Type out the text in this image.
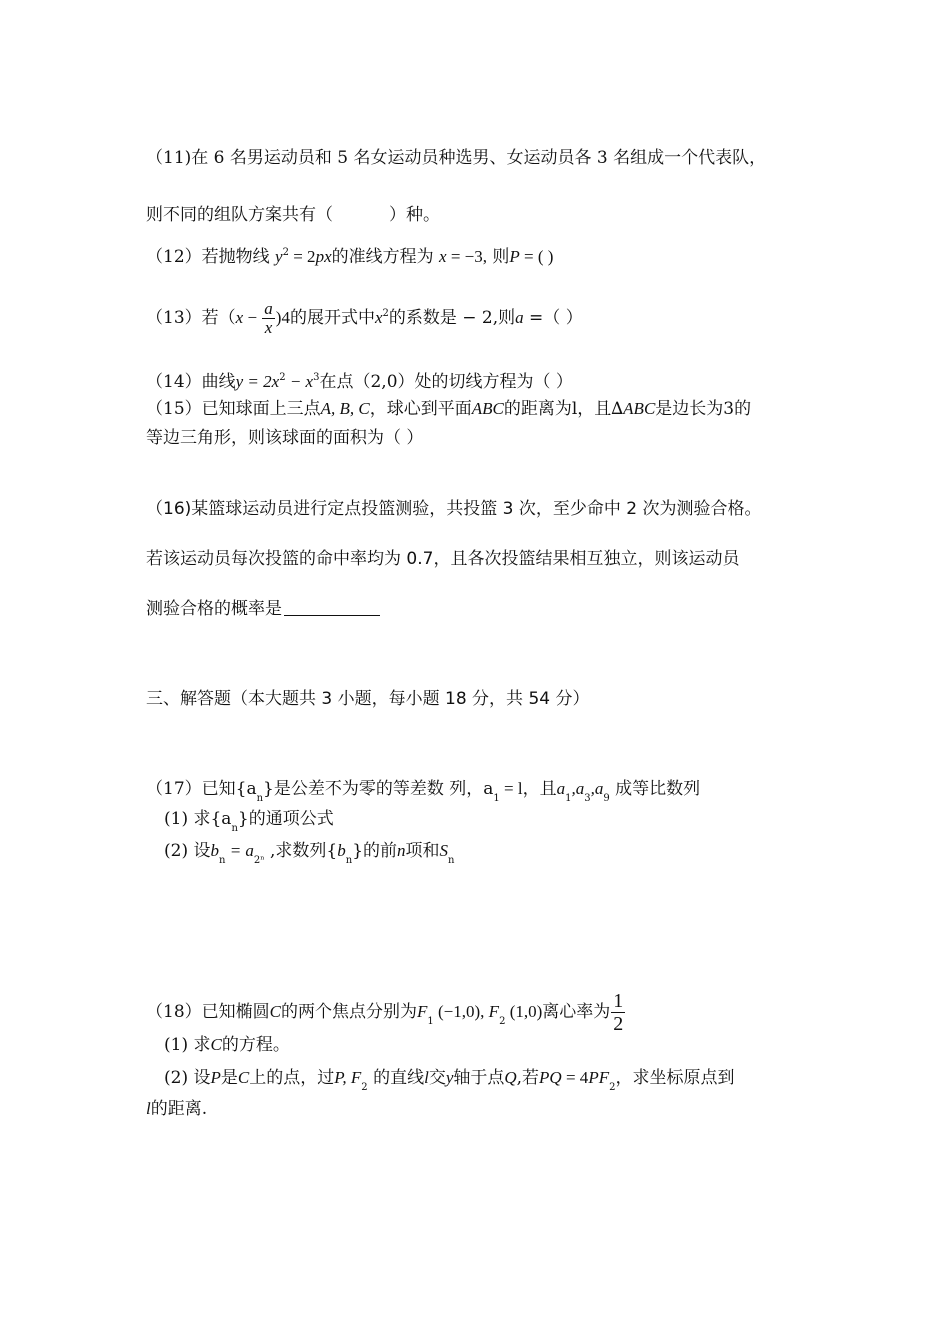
（11)在 6 名男运动员和 5 名女运动员种选男、女运动员各 3 名组成一个代表队，
则不同的组队方案共有（	）种。
（12）若抛物线 $y^2 = 2px$的准线方程为 x = −3, 则P = ( )
（13）若$(x - \frac{a}{x} )4$的展开式中$x^2$的系数是 − 2,则a =（ ）
（14）曲线$y = 2x^2 - x^3$在点（2,0）处的切线方程为（ ）
（15）已知球面上三点A, B, C，球心到平面ABC的距离为l，且∆ABC是边长为3的
等边三角形，则该球面的面积为（ ）
（16)某篮球运动员进行定点投篮测验，共投篮 3 次，至少命中 2 次为测验合格。
若该运动员每次投篮的命中率均为 0.7，且各次投篮结果相互独立，则该运动员
测验合格的概率是
三、解答题（本大题共 3 小题，每小题 18 分，共 54 分）
（17）已知$\{a_n\}$是公差不为零的等差数 列，$a_1 = l$，且$a_1,a_3,a_9$ 成等比数列
(1) 求$\{a_n\}$的通项公式
(2) 设$b_n = a_{2^n}$ ,求数列$\{b_n\}$的前n项和$S_n$
（18）已知椭圆C的两个焦点分别为$F_1$ (−1,0), $F_2$ (1,0)离心率为 $\frac{1}{2}$
(1) 求C的方程。
(2) 设P是C上的点，过P, $F_2$ 的直线l交y轴于点Q,若PQ = $4PF_2$，求坐标原点到
l的距离.
